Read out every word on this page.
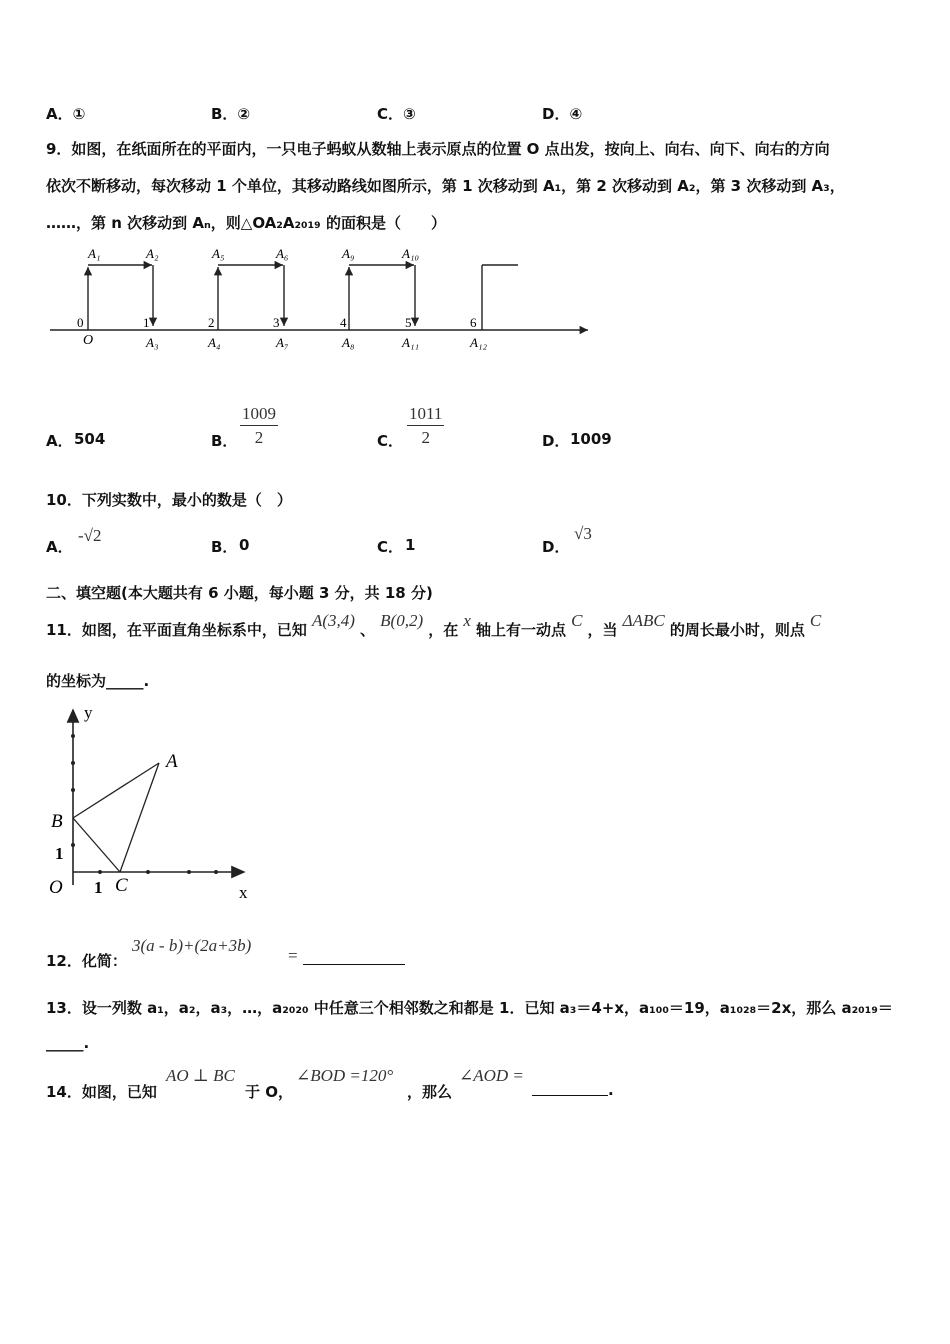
A．①	B．②	C．③	D．④
9．如图，在纸面所在的平面内，一只电子蚂蚁从数轴上表示原点的位置 O 点出发，按向上、向右、向下、向右的方向
依次不断移动，每次移动 1 个单位，其移动路线如图所示，第 1 次移动到 A₁，第 2 次移动到 A₂，第 3 次移动到 A₃，
……，第 n 次移动到 Aₙ，则△OA₂A₂₀₁₉ 的面积是（　　）
0	1	2	3	4	5	6
A₁	A₂	A₅	A₆	A₉	A₁₀
O	A₃	A₄	A₇	A₈	A₁₁	A₁₂
A． 504	B． $\frac{1009}{2}$	C． $\frac{1011}{2}$	D． 1009
10．下列实数中，最小的数是（　）
A．
-√2
B． 0	C． 1	D．
√3
二、填空题(本大题共有 6 小题，每小题 3 分，共 18 分)
11．如图，在平面直角坐标系中，已知 A(3,4) 、 B(0,2) ，在 x 轴上有一动点 C ，当 ΔABC 的周长最小时，则点 C
的坐标为_____.
y
x
O
A
B
C
1
1
12．化简：
3(a - b)+(2a+3b)
=
13．设一列数 a₁，a₂，a₃，…，a₂₀₂₀ 中任意三个相邻数之和都是 1．已知 a₃＝4+x，a₁₀₀＝19，a₁₀₂₈＝2x，那么 a₂₀₁₉＝
_____.
14．如图，已知
AO ⊥ BC
于 O，
∠BOD =120°
，那么
∠AOD =
.
